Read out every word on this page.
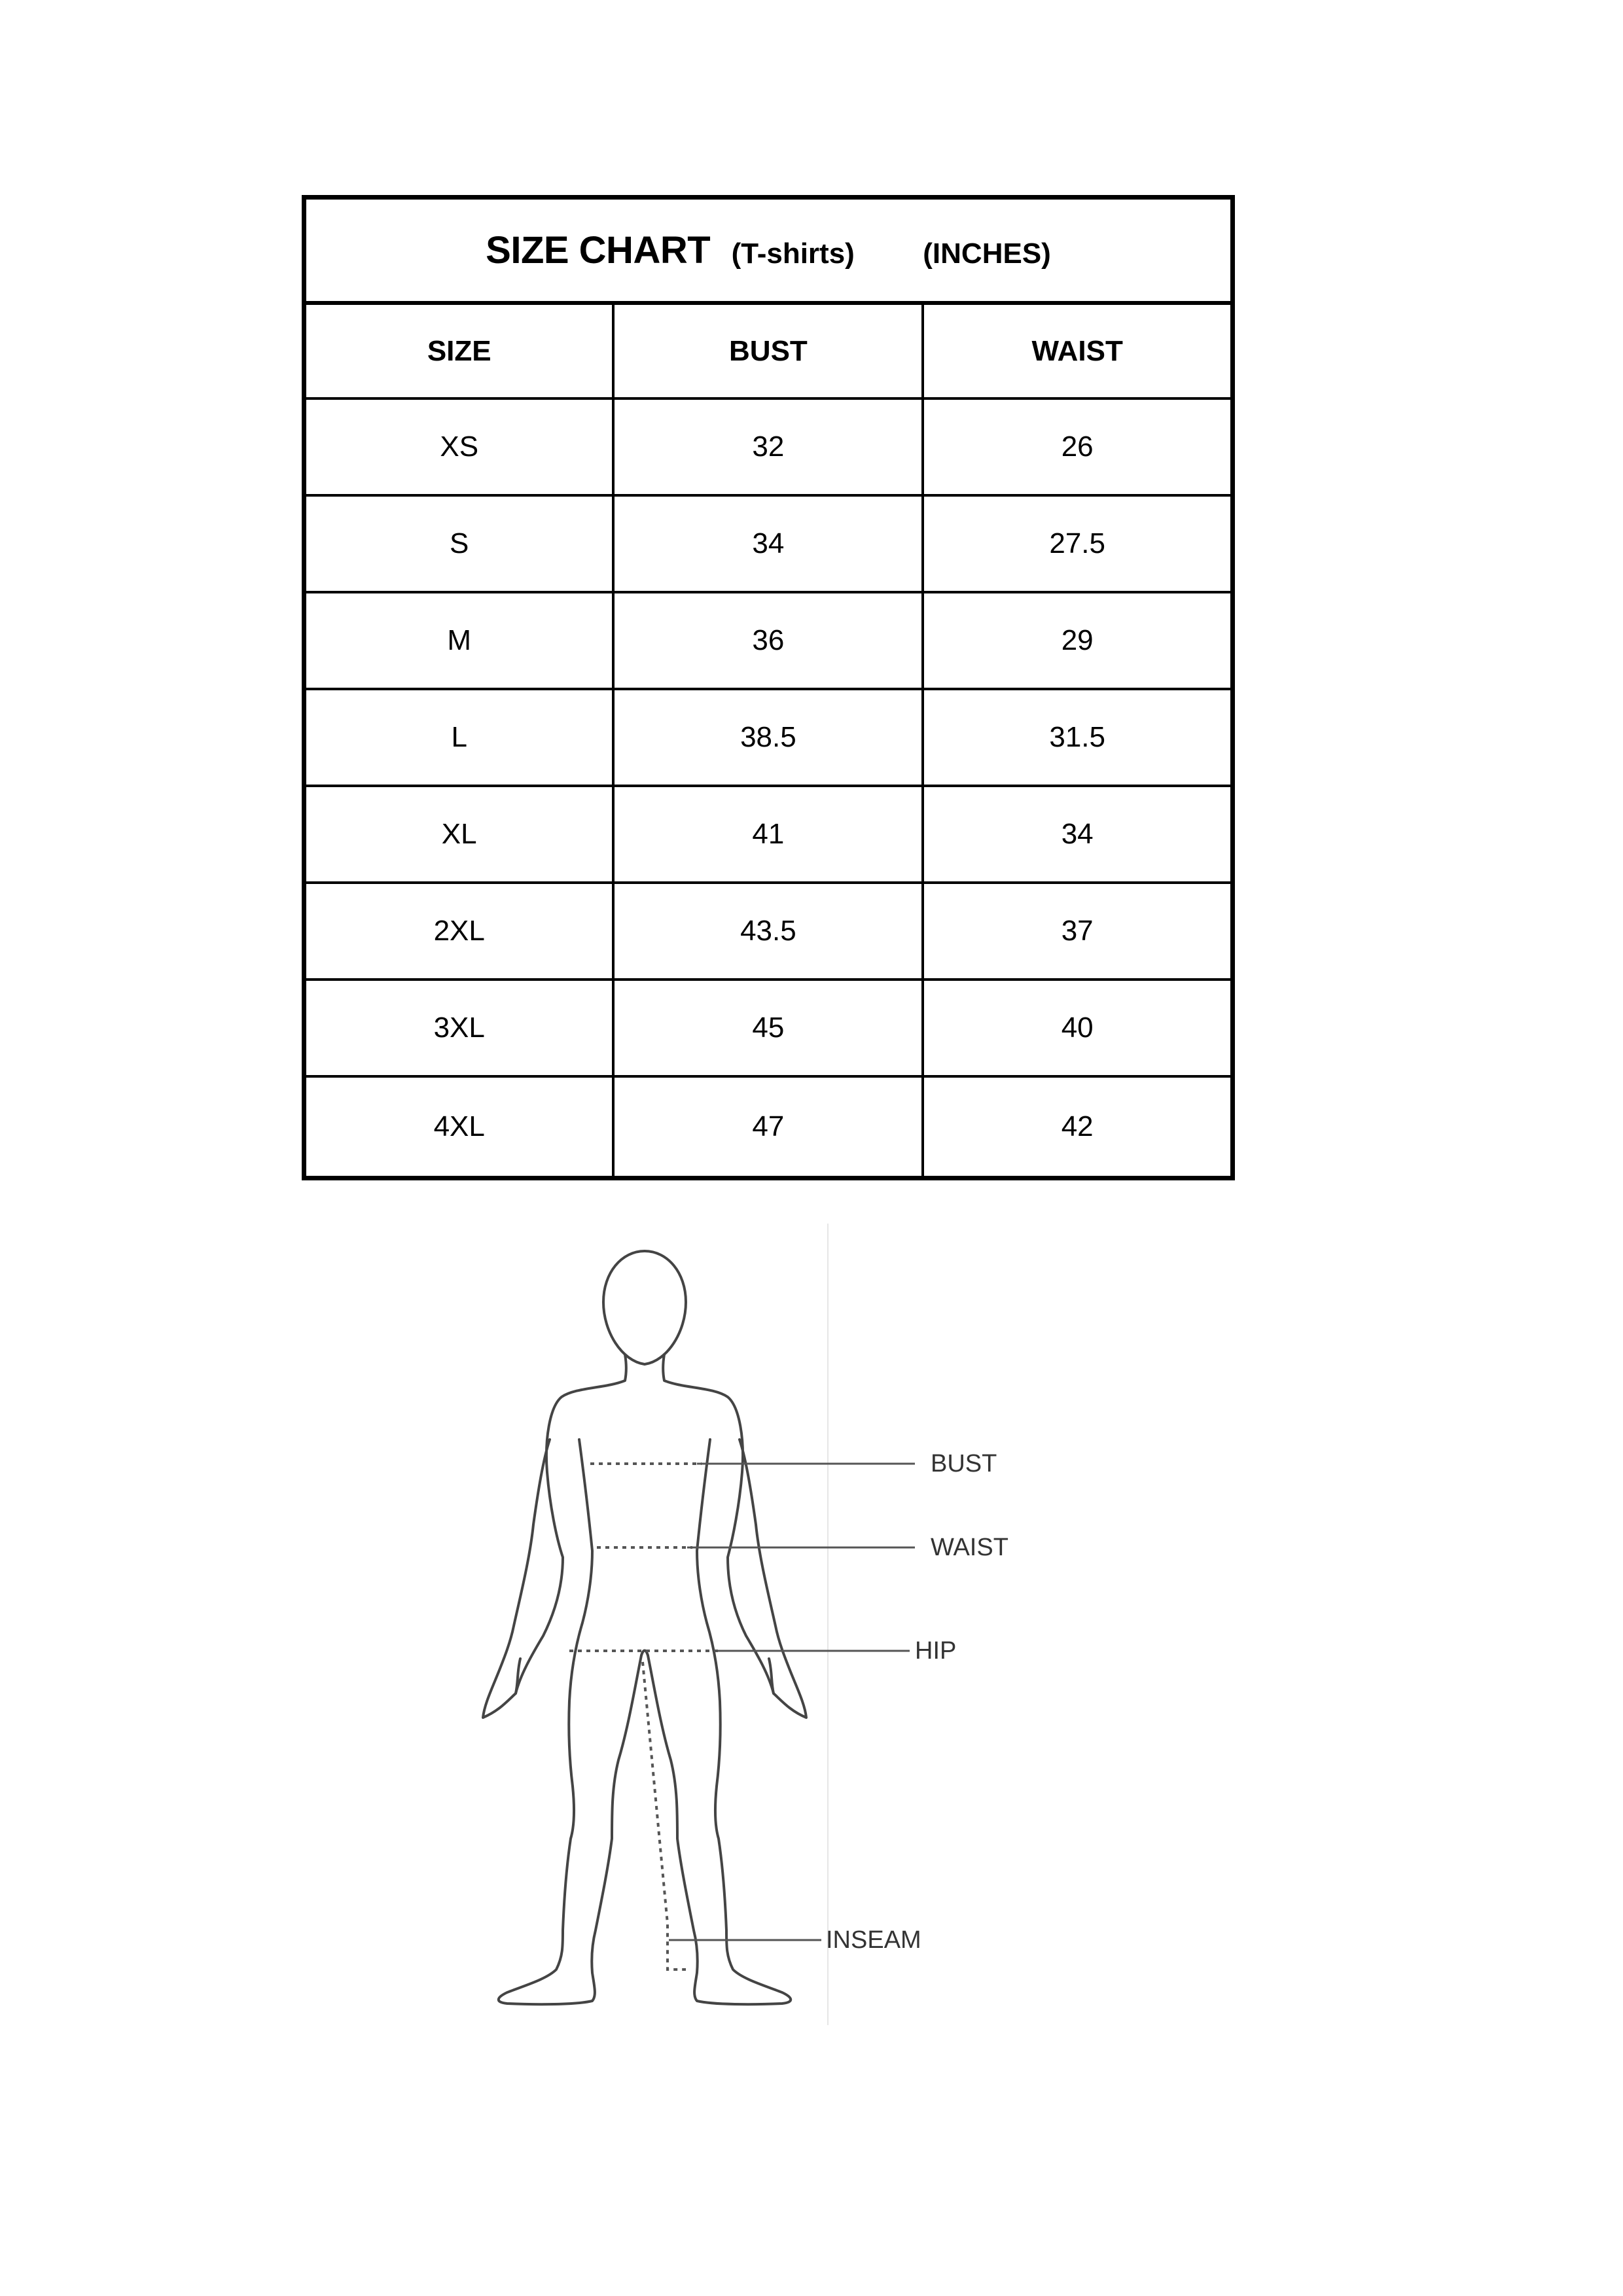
SIZE CHART (T-shirts) (INCHES)		
SIZE	BUST	WAIST
XS	32	26
S	34	27.5
M	36	29
L	38.5	31.5
XL	41	34
2XL	43.5	37
3XL	45	40
4XL	47	42
BUST
WAIST
HIP
INSEAM
